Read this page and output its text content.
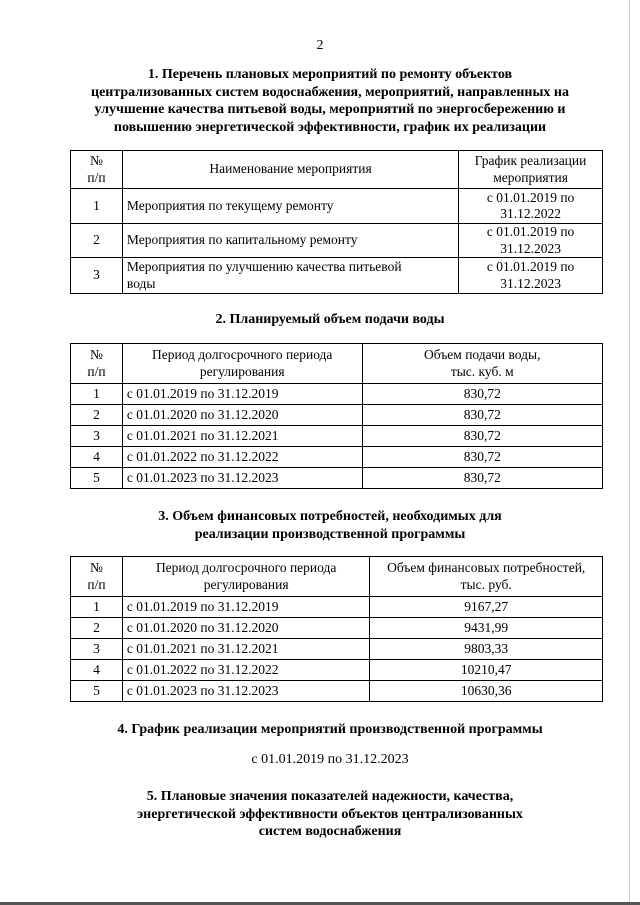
2
1. Перечень плановых мероприятий по ремонту объектов
централизованных систем водоснабжения, мероприятий, направленных на
улучшение качества питьевой воды, мероприятий по энергосбережению и
повышению энергетической эффективности, график их реализации
№
п/п	Наименование мероприятия	График реализации
мероприятия
1	Мероприятия по текущему ремонту	с 01.01.2019 по
31.12.2022
2	Мероприятия по капитальному ремонту	с 01.01.2019 по
31.12.2023
3	Мероприятия по улучшению качества питьевой
воды	с 01.01.2019 по
31.12.2023
2. Планируемый объем подачи воды
№
п/п	Период долгосрочного периода
регулирования	Объем подачи воды,
тыс. куб. м
1	с 01.01.2019 по 31.12.2019	830,72
2	с 01.01.2020 по 31.12.2020	830,72
3	с 01.01.2021 по 31.12.2021	830,72
4	с 01.01.2022 по 31.12.2022	830,72
5	с 01.01.2023 по 31.12.2023	830,72
3. Объем финансовых потребностей, необходимых для
реализации производственной программы
№
п/п	Период долгосрочного периода
регулирования	Объем финансовых потребностей,
тыс. руб.
1	с 01.01.2019 по 31.12.2019	9167,27
2	с 01.01.2020 по 31.12.2020	9431,99
3	с 01.01.2021 по 31.12.2021	9803,33
4	с 01.01.2022 по 31.12.2022	10210,47
5	с 01.01.2023 по 31.12.2023	10630,36
4. График реализации мероприятий производственной программы
с 01.01.2019 по 31.12.2023
5. Плановые значения показателей надежности, качества,
энергетической эффективности объектов централизованных
систем водоснабжения
